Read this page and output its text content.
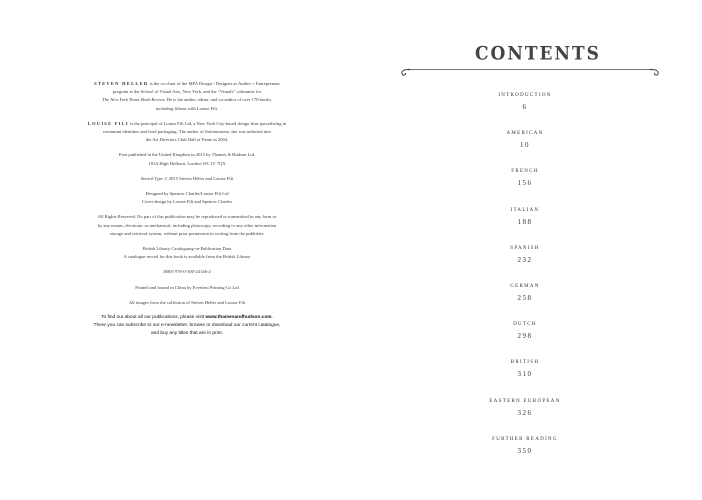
STEVEN HELLER is the co-chair of the MFA Design / Designer as Author + Entrepreneur
program at the School of Visual Arts, New York, and the “Visuals” columnist for
The New York Times Book Review. He is the author, editor, and co-author of over 170 books,
including fifteen with Louise Fili.
LOUISE FILI is the principal of Louise Fili Ltd, a New York City-based design firm specializing in
restaurant identities and food packaging. The author of Italianissimo, she was inducted into
the Art Directors Club Hall of Fame in 2004.
First published in the United Kingdom in 2015 by Thames & Hudson Ltd,
181A High Holborn, London WC1V 7QX
Stencil Type © 2015 Steven Heller and Louise Fili
Designed by Spencer Charles/Louise Fili Ltd
Cover design by Louise Fili and Spencer Charles
All Rights Reserved. No part of this publication may be reproduced or transmitted in any form or
by any means, electronic or mechanical, including photocopy, recording or any other information
storage and retrieval system, without prior permission in writing from the publisher.
British Library Cataloguing-in-Publication Data
A catalogue record for this book is available from the British Library
ISBN 978-0-500-24146-2
Printed and bound in China by Everbest Printing Co Ltd
All images from the collection of Steven Heller and Louise Fili
To find out about all our publications, please visit www.thamesandhudson.com.
There you can subscribe to our e-newsletter, browse or download our current catalogue,
and buy any titles that are in print.
CONTENTS
INTRODUCTION
6
AMERICAN
10
FRENCH
156
ITALIAN
188
SPANISH
232
GERMAN
258
DUTCH
298
BRITISH
310
EASTERN EUROPEAN
326
FURTHER READING
350
